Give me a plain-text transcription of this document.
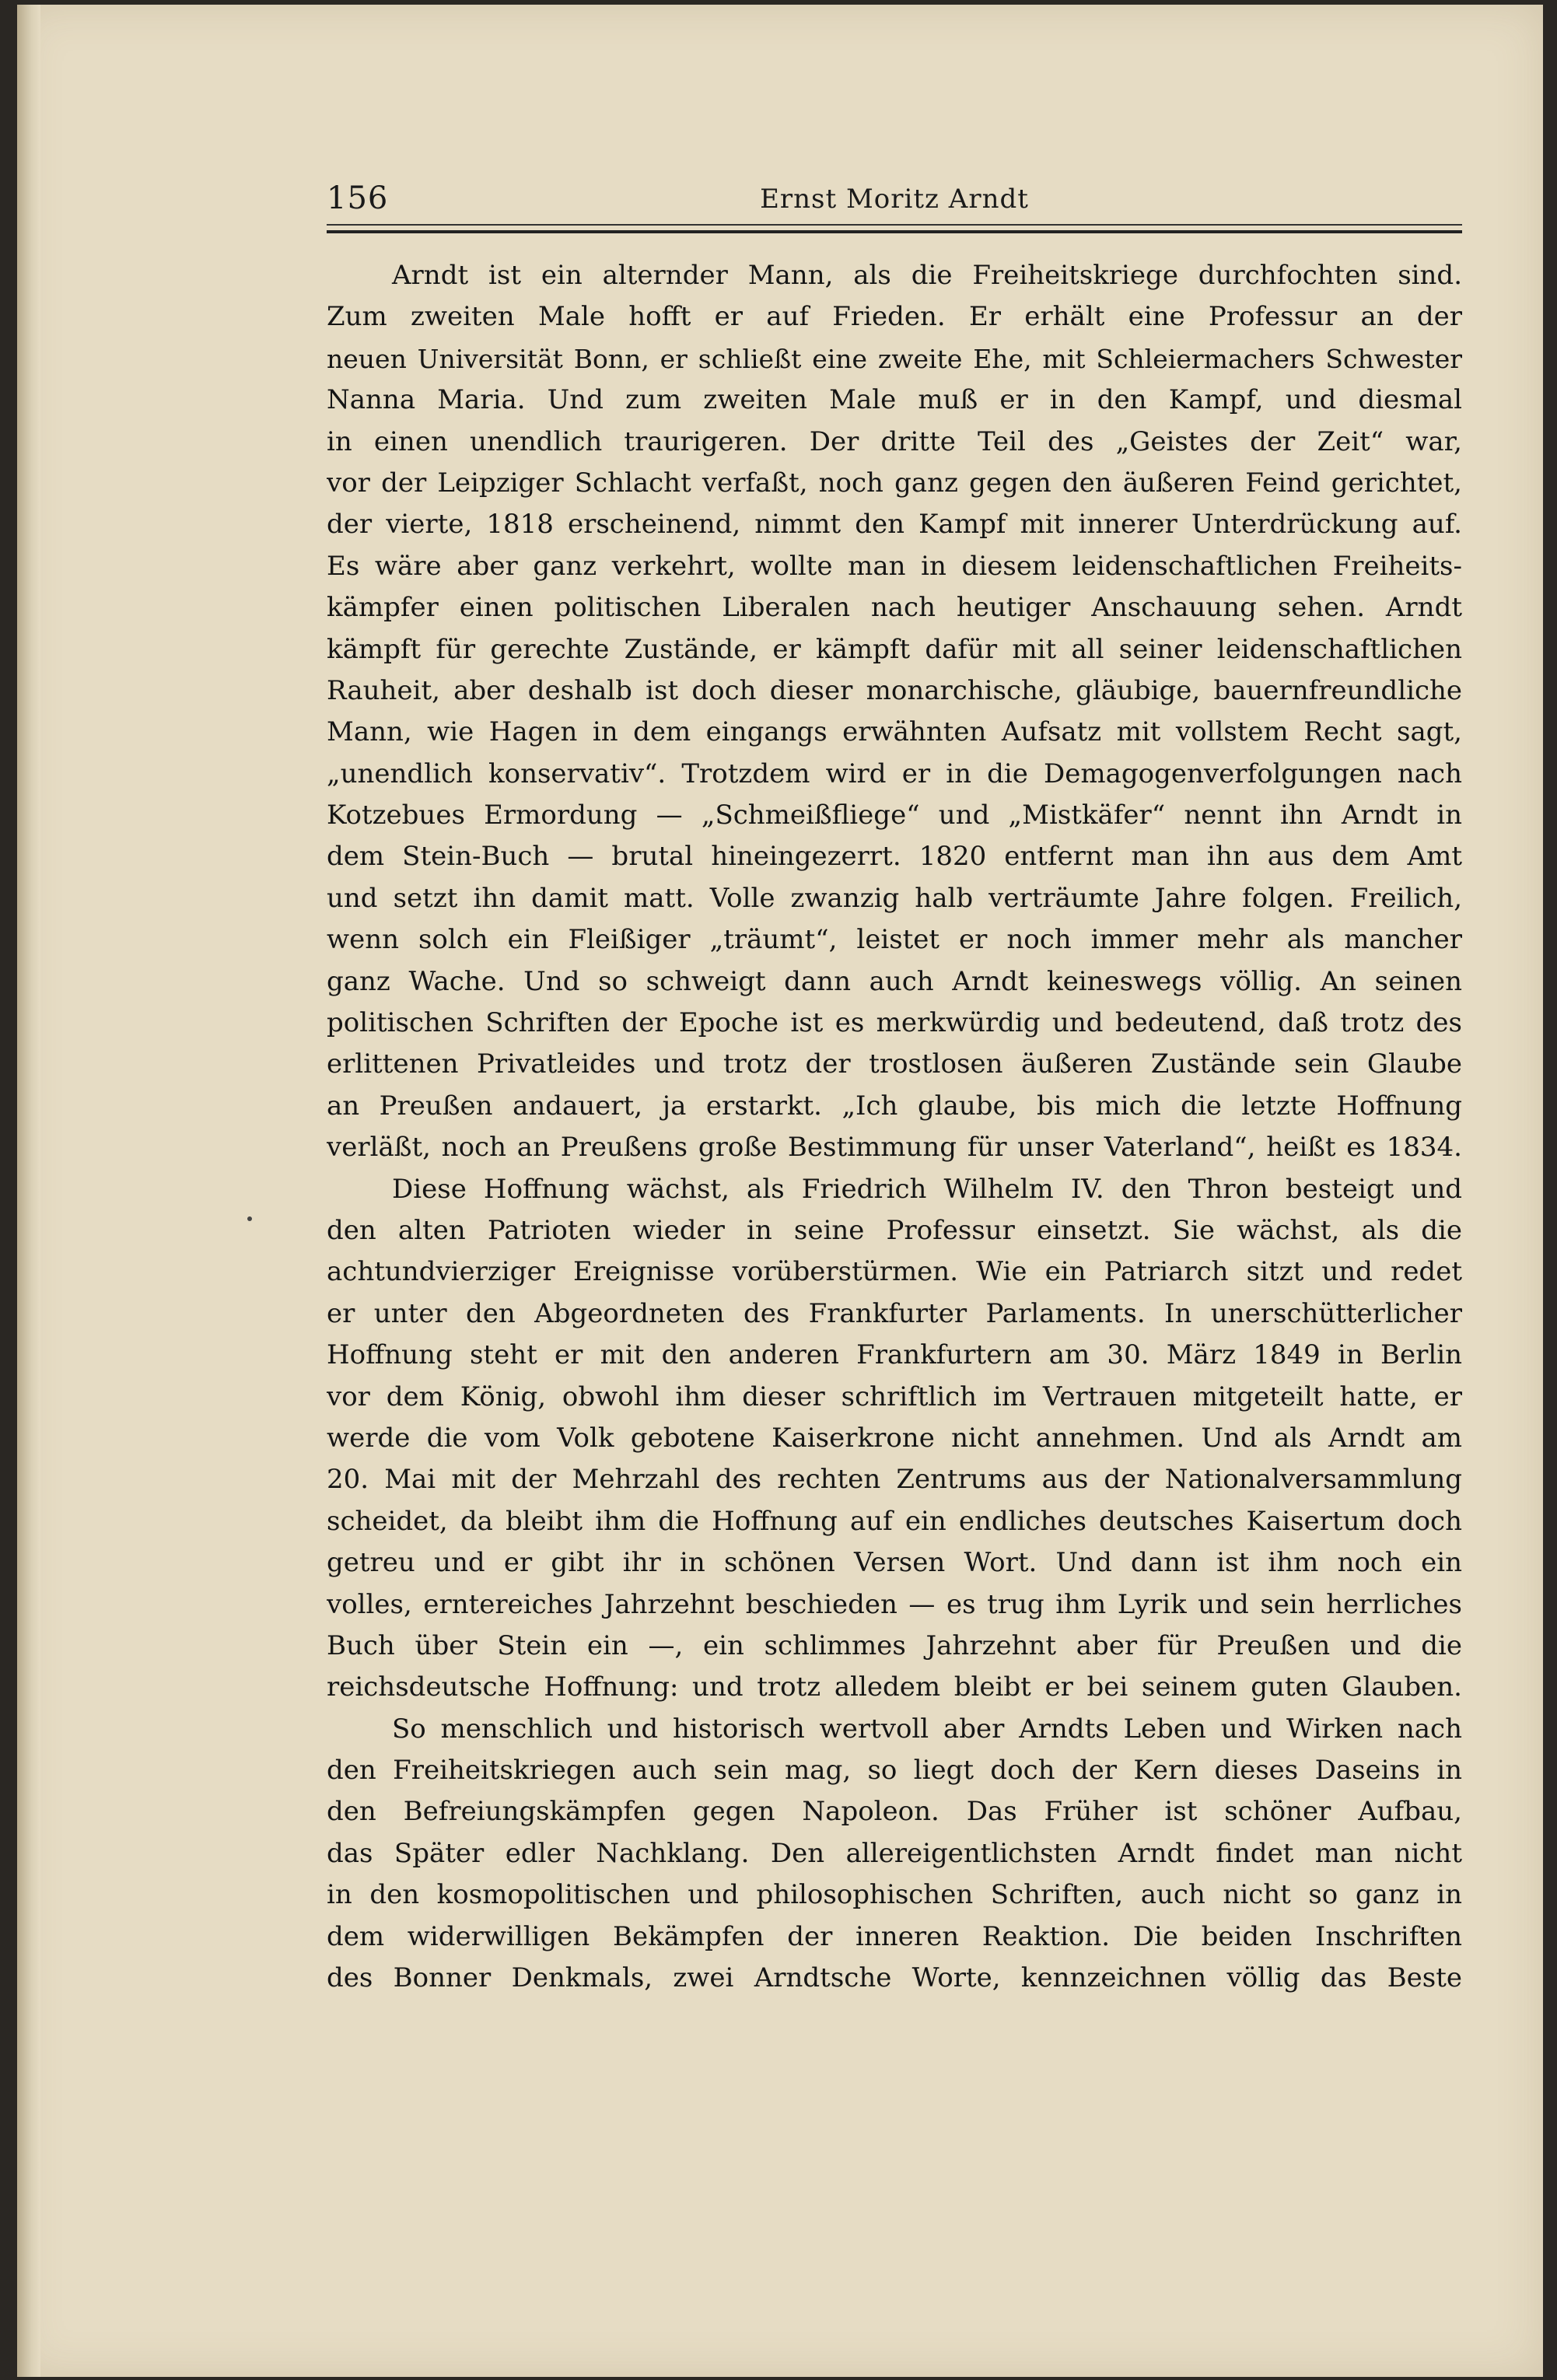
156	Ernst Moritz Arndt
Arndt ist ein alternder Mann, als die Freiheitskriege durchfochten sind.
Zum zweiten Male hofft er auf Frieden. Er erhält eine Professur an der
neuen Universität Bonn, er schließt eine zweite Ehe, mit Schleiermachers Schwester
Nanna Maria. Und zum zweiten Male muß er in den Kampf, und diesmal
in einen unendlich traurigeren. Der dritte Teil des „Geistes der Zeit“ war,
vor der Leipziger Schlacht verfaßt, noch ganz gegen den äußeren Feind gerichtet,
der vierte, 1818 erscheinend, nimmt den Kampf mit innerer Unterdrückung auf.
Es wäre aber ganz verkehrt, wollte man in diesem leidenschaftlichen Freiheits-
kämpfer einen politischen Liberalen nach heutiger Anschauung sehen. Arndt
kämpft für gerechte Zustände, er kämpft dafür mit all seiner leidenschaftlichen
Rauheit, aber deshalb ist doch dieser monarchische, gläubige, bauernfreundliche
Mann, wie Hagen in dem eingangs erwähnten Aufsatz mit vollstem Recht sagt,
„unendlich konservativ“. Trotzdem wird er in die Demagogenverfolgungen nach
Kotzebues Ermordung — „Schmeißfliege“ und „Mistkäfer“ nennt ihn Arndt in
dem Stein-Buch — brutal hineingezerrt. 1820 entfernt man ihn aus dem Amt
und setzt ihn damit matt. Volle zwanzig halb verträumte Jahre folgen. Freilich,
wenn solch ein Fleißiger „träumt“, leistet er noch immer mehr als mancher
ganz Wache. Und so schweigt dann auch Arndt keineswegs völlig. An seinen
politischen Schriften der Epoche ist es merkwürdig und bedeutend, daß trotz des
erlittenen Privatleides und trotz der trostlosen äußeren Zustände sein Glaube
an Preußen andauert, ja erstarkt. „Ich glaube, bis mich die letzte Hoffnung
verläßt, noch an Preußens große Bestimmung für unser Vaterland“, heißt es 1834.
Diese Hoffnung wächst, als Friedrich Wilhelm IV. den Thron besteigt und
den alten Patrioten wieder in seine Professur einsetzt. Sie wächst, als die
achtundvierziger Ereignisse vorüberstürmen. Wie ein Patriarch sitzt und redet
er unter den Abgeordneten des Frankfurter Parlaments. In unerschütterlicher
Hoffnung steht er mit den anderen Frankfurtern am 30. März 1849 in Berlin
vor dem König, obwohl ihm dieser schriftlich im Vertrauen mitgeteilt hatte, er
werde die vom Volk gebotene Kaiserkrone nicht annehmen. Und als Arndt am
20. Mai mit der Mehrzahl des rechten Zentrums aus der Nationalversammlung
scheidet, da bleibt ihm die Hoffnung auf ein endliches deutsches Kaisertum doch
getreu und er gibt ihr in schönen Versen Wort. Und dann ist ihm noch ein
volles, erntereiches Jahrzehnt beschieden — es trug ihm Lyrik und sein herrliches
Buch über Stein ein —, ein schlimmes Jahrzehnt aber für Preußen und die
reichsdeutsche Hoffnung: und trotz alledem bleibt er bei seinem guten Glauben.
So menschlich und historisch wertvoll aber Arndts Leben und Wirken nach
den Freiheitskriegen auch sein mag, so liegt doch der Kern dieses Daseins in
den Befreiungskämpfen gegen Napoleon. Das Früher ist schöner Aufbau,
das Später edler Nachklang. Den allereigentlichsten Arndt findet man nicht
in den kosmopolitischen und philosophischen Schriften, auch nicht so ganz in
dem widerwilligen Bekämpfen der inneren Reaktion. Die beiden Inschriften
des Bonner Denkmals, zwei Arndtsche Worte, kennzeichnen völlig das Beste
